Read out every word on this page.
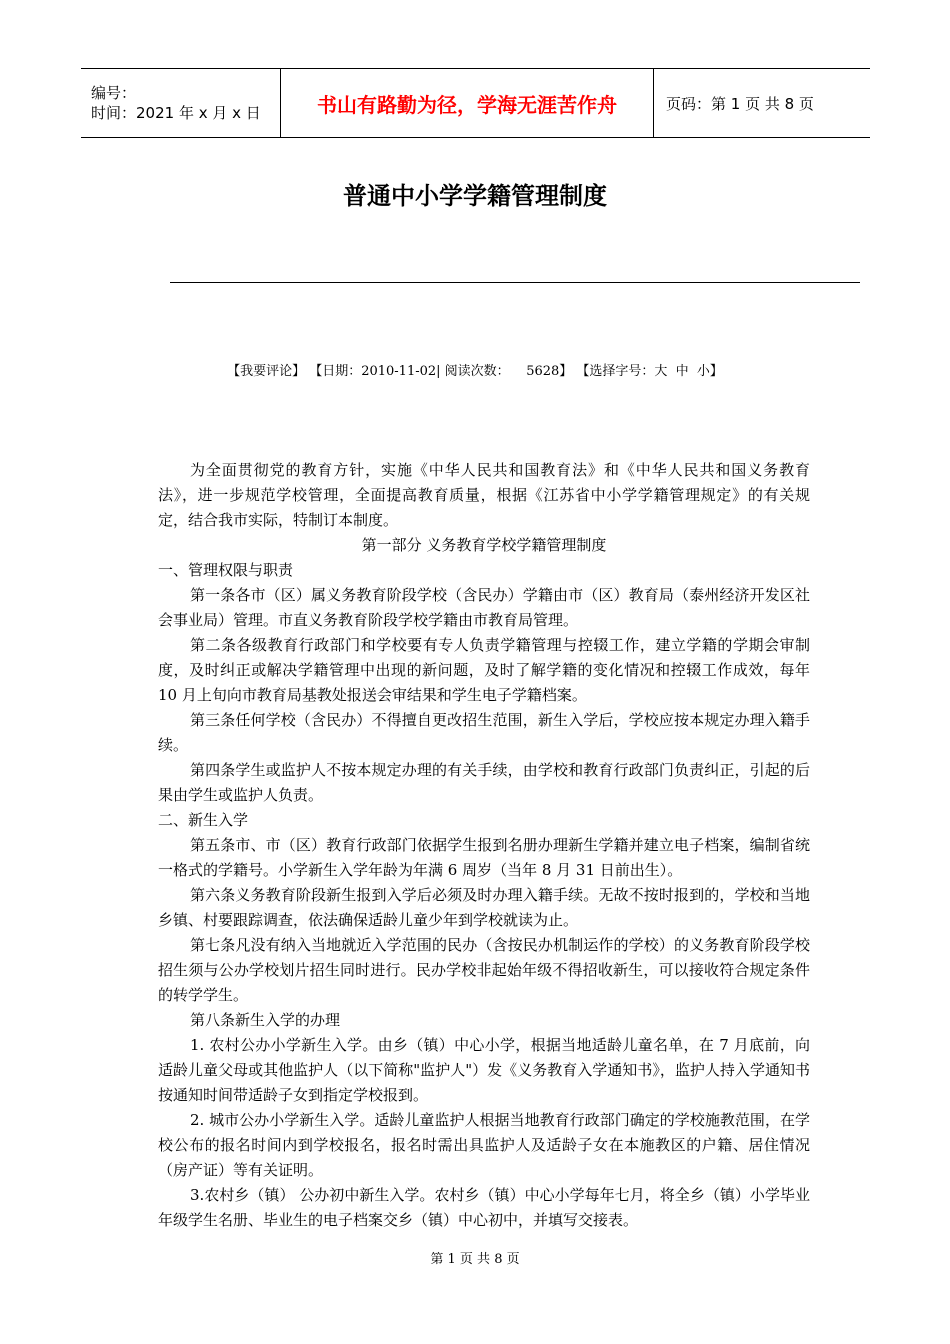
编号：
时间：2021 年 x 月 x 日	书山有路勤为径，学海无涯苦作舟	页码：第 1 页 共 8 页
普通中小学学籍管理制度
【我要评论】 【日期：2010-11-02| 阅读次数：    5628】 【选择字号：大  中  小】

为全面贯彻党的教育方针，实施《中华人民共和国教育法》和《中华人民共和国义务教育法》，进一步规范学校管理，全面提高教育质量，根据《江苏省中小学学籍管理规定》的有关规定，结合我市实际，特制订本制度。

第一部分 义务教育学校学籍管理制度

一、管理权限与职责

第一条各市（区）属义务教育阶段学校（含民办）学籍由市（区）教育局（泰州经济开发区社会事业局）管理。市直义务教育阶段学校学籍由市教育局管理。

第二条各级教育行政部门和学校要有专人负责学籍管理与控辍工作，建立学籍的学期会审制度，及时纠正或解决学籍管理中出现的新问题，及时了解学籍的变化情况和控辍工作成效，每年 10 月上旬向市教育局基教处报送会审结果和学生电子学籍档案。

第三条任何学校（含民办）不得擅自更改招生范围，新生入学后，学校应按本规定办理入籍手续。

第四条学生或监护人不按本规定办理的有关手续，由学校和教育行政部门负责纠正，引起的后果由学生或监护人负责。

二、新生入学

第五条市、市（区）教育行政部门依据学生报到名册办理新生学籍并建立电子档案，编制省统一格式的学籍号。小学新生入学年龄为年满 6 周岁（当年 8 月 31 日前出生）。

第六条义务教育阶段新生报到入学后必须及时办理入籍手续。无故不按时报到的，学校和当地乡镇、村要跟踪调查，依法确保适龄儿童少年到学校就读为止。

第七条凡没有纳入当地就近入学范围的民办（含按民办机制运作的学校）的义务教育阶段学校招生须与公办学校划片招生同时进行。民办学校非起始年级不得招收新生，可以接收符合规定条件的转学学生。

第八条新生入学的办理

1. 农村公办小学新生入学。由乡（镇）中心小学，根据当地适龄儿童名单，在 7 月底前，向适龄儿童父母或其他监护人（以下简称"监护人"）发《义务教育入学通知书》，监护人持入学通知书按通知时间带适龄子女到指定学校报到。

2. 城市公办小学新生入学。适龄儿童监护人根据当地教育行政部门确定的学校施教范围，在学校公布的报名时间内到学校报名，报名时需出具监护人及适龄子女在本施教区的户籍、居住情况（房产证）等有关证明。

3.农村乡（镇） 公办初中新生入学。农村乡（镇）中心小学每年七月，将全乡（镇）小学毕业年级学生名册、毕业生的电子档案交乡（镇）中心初中，并填写交接表。

第 1 页 共 8 页
